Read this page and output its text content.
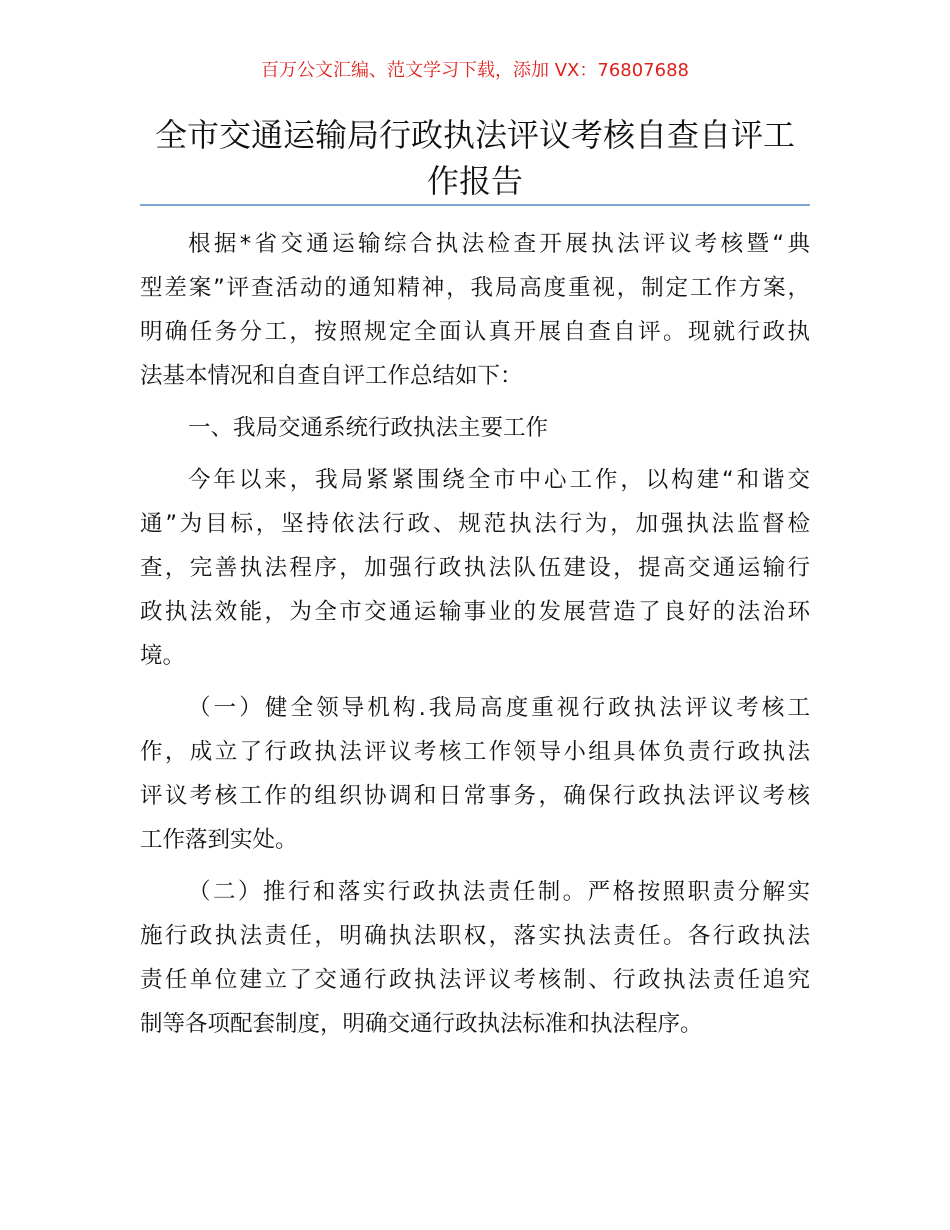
百万公文汇编、范文学习下载，添加 VX：76807688
全市交通运输局行政执法评议考核自查自评工
作报告
根据*省交通运输综合执法检查开展执法评议考核暨“典
型差案”评查活动的通知精神，我局高度重视，制定工作方案，
明确任务分工，按照规定全面认真开展自查自评。现就行政执
法基本情况和自查自评工作总结如下：
一、我局交通系统行政执法主要工作
今年以来，我局紧紧围绕全市中心工作，以构建“和谐交
通”为目标，坚持依法行政、规范执法行为，加强执法监督检
查，完善执法程序，加强行政执法队伍建设，提高交通运输行
政执法效能，为全市交通运输事业的发展营造了良好的法治环
境。
（一）健全领导机构.我局高度重视行政执法评议考核工
作，成立了行政执法评议考核工作领导小组具体负责行政执法
评议考核工作的组织协调和日常事务，确保行政执法评议考核
工作落到实处。
（二）推行和落实行政执法责任制。严格按照职责分解实
施行政执法责任，明确执法职权，落实执法责任。各行政执法
责任单位建立了交通行政执法评议考核制、行政执法责任追究
制等各项配套制度，明确交通行政执法标准和执法程序。
